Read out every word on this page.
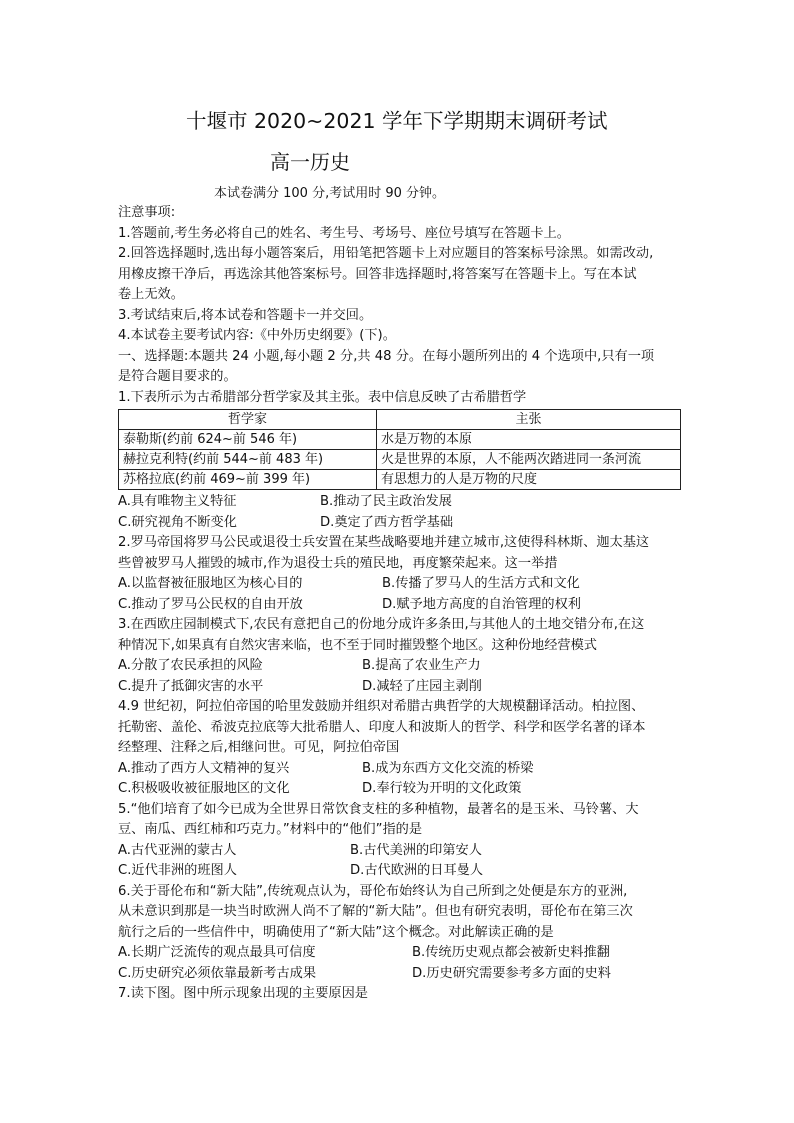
十堰市 2020~2021 学年下学期期末调研考试
高一历史
本试卷满分 100 分,考试用时 90 分钟。
注意事项:
1.答题前,考生务必将自己的姓名、考生号、考场号、座位号填写在答题卡上。
2.回答选择题时,选出每小题答案后，用铅笔把答题卡上对应题目的答案标号涂黑。如需改动,
用橡皮擦干净后，再选涂其他答案标号。回答非选择题时,将答案写在答题卡上。写在本试
卷上无效。
3.考试结束后,将本试卷和答题卡一并交回。
4.本试卷主要考试内容:《中外历史纲要》(下)。
一、选择题:本题共 24 小题,每小题 2 分,共 48 分。在每小题所列出的 4 个选项中,只有一项
是符合题目要求的。
1.下表所示为古希腊部分哲学家及其主张。表中信息反映了古希腊哲学
哲学家	主张
泰勒斯(约前 624~前 546 年)	水是万物的本原
赫拉克利特(约前 544~前 483 年)	火是世界的本原，人不能两次踏进同一条河流
苏格拉底(约前 469~前 399 年)	有思想力的人是万物的尺度
A.具有唯物主义特征	B.推动了民主政治发展
C.研究视角不断变化	D.奠定了西方哲学基础
2.罗马帝国将罗马公民或退役士兵安置在某些战略要地并建立城市,这使得科林斯、迦太基这
些曾被罗马人摧毁的城市,作为退役士兵的殖民地，再度繁荣起来。这一举措
A.以监督被征服地区为核心目的	B.传播了罗马人的生活方式和文化
C.推动了罗马公民权的自由开放	D.赋予地方高度的自治管理的权利
3.在西欧庄园制模式下,农民有意把自己的份地分成许多条田,与其他人的土地交错分布,在这
种情况下,如果真有自然灾害来临，也不至于同时摧毁整个地区。这种份地经营模式
A.分散了农民承担的风险	B.提高了农业生产力
C.提升了抵御灾害的水平	D.减轻了庄园主剥削
4.9 世纪初，阿拉伯帝国的哈里发鼓励并组织对希腊古典哲学的大规模翻译活动。柏拉图、
托勒密、盖伦、希波克拉底等大批希腊人、印度人和波斯人的哲学、科学和医学名著的译本
经整理、注释之后,相继问世。可见，阿拉伯帝国
A.推动了西方人文精神的复兴	B.成为东西方文化交流的桥梁
C.积极吸收被征服地区的文化	D.奉行较为开明的文化政策
5.“他们培育了如今已成为全世界日常饮食支柱的多种植物，最著名的是玉米、马铃薯、大
豆、南瓜、西红柿和巧克力。”材料中的“他们”指的是
A.古代亚洲的蒙古人	B.古代美洲的印第安人
C.近代非洲的班图人	D.古代欧洲的日耳曼人
6.关于哥伦布和“新大陆”,传统观点认为，哥伦布始终认为自己所到之处便是东方的亚洲,
从未意识到那是一块当时欧洲人尚不了解的“新大陆”。但也有研究表明，哥伦布在第三次
航行之后的一些信件中，明确使用了“新大陆”这个概念。对此解读正确的是
A.长期广泛流传的观点最具可信度	B.传统历史观点都会被新史料推翻
C.历史研究必须依靠最新考古成果	D.历史研究需要参考多方面的史料
7.读下图。图中所示现象出现的主要原因是
